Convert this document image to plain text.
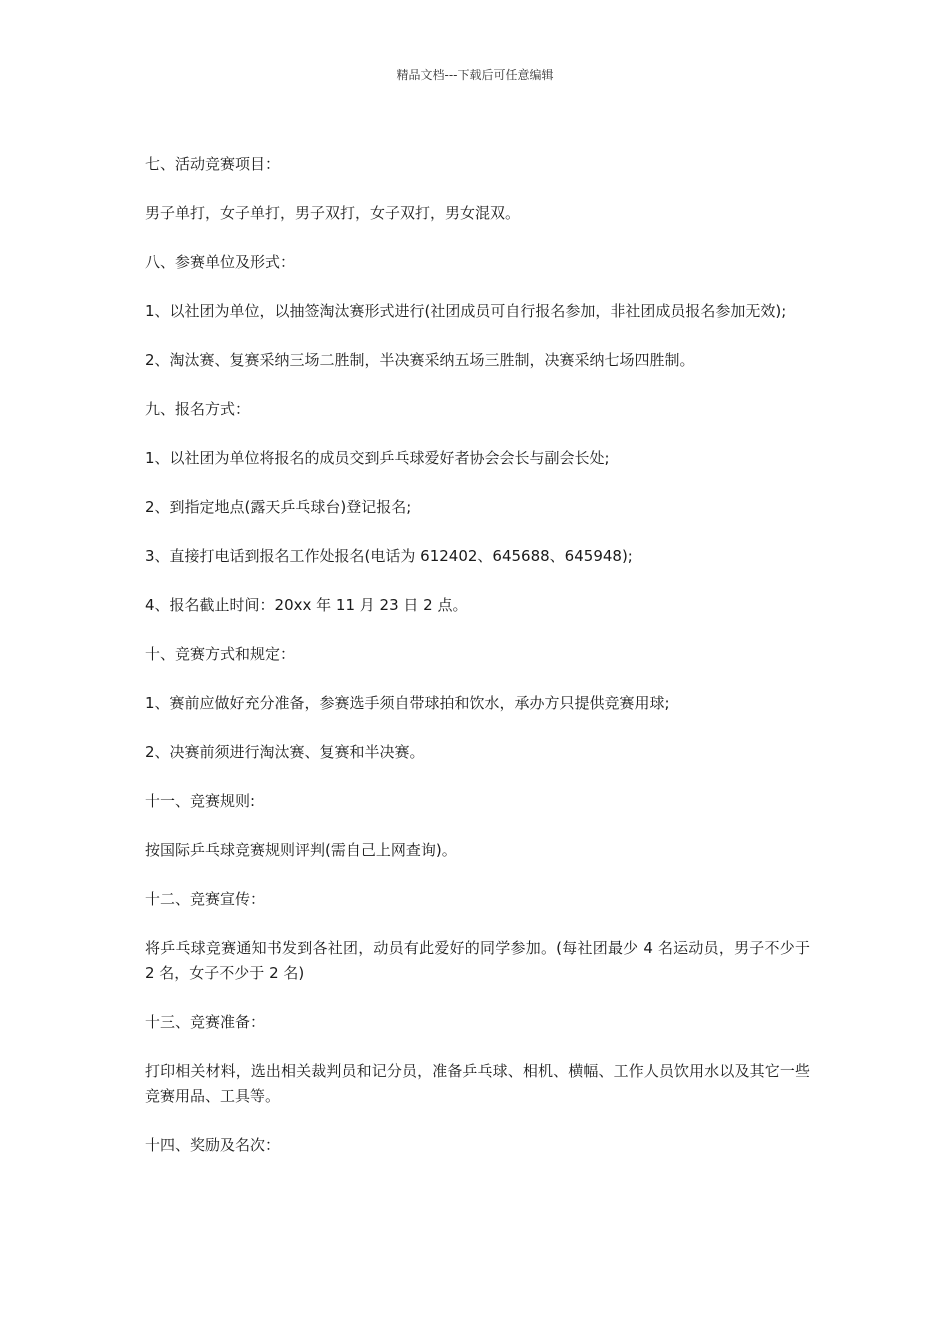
精品文档---下载后可任意编辑

七、活动竞赛项目：

男子单打，女子单打，男子双打，女子双打，男女混双。

八、参赛单位及形式：

1、以社团为单位，以抽签淘汰赛形式进行(社团成员可自行报名参加，非社团成员报名参加无效);

2、淘汰赛、复赛采纳三场二胜制，半决赛采纳五场三胜制，决赛采纳七场四胜制。

九、报名方式：

1、以社团为单位将报名的成员交到乒乓球爱好者协会会长与副会长处;

2、到指定地点(露天乒乓球台)登记报名;

3、直接打电话到报名工作处报名(电话为 612402、645688、645948);

4、报名截止时间：20xx 年 11 月 23 日 2 点。

十、竞赛方式和规定：

1、赛前应做好充分准备，参赛选手须自带球拍和饮水，承办方只提供竞赛用球;

2、决赛前须进行淘汰赛、复赛和半决赛。

十一、竞赛规则:

按国际乒乓球竞赛规则评判(需自己上网查询)。

十二、竞赛宣传：

将乒乓球竞赛通知书发到各社团，动员有此爱好的同学参加。(每社团最少 4 名运动员，男子不少于 2 名，女子不少于 2 名)

十三、竞赛准备：

打印相关材料，选出相关裁判员和记分员，准备乒乓球、相机、横幅、工作人员饮用水以及其它一些竞赛用品、工具等。

十四、奖励及名次：
